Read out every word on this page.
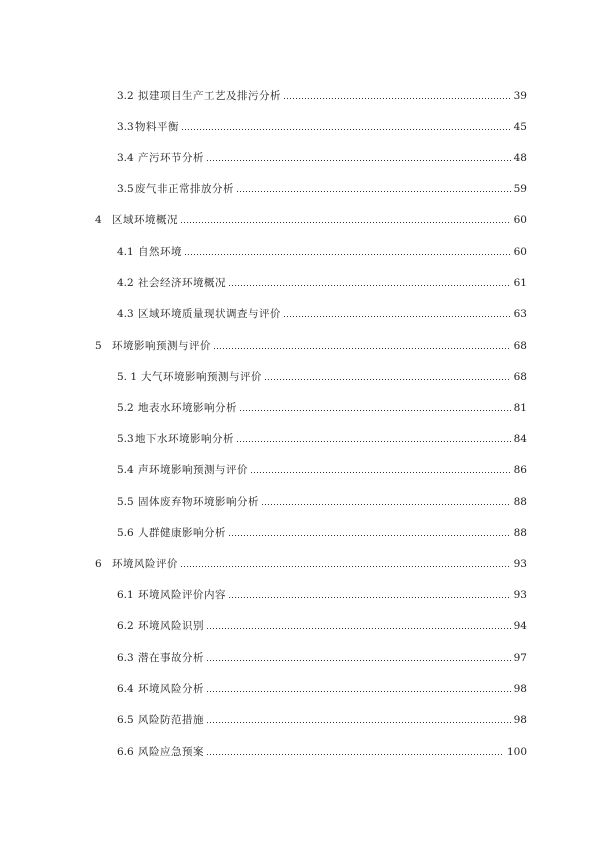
3.2 拟建项目生产工艺及排污分析	39
3.3 物料平衡	45
3.4 产污环节分析	48
3.5 废气非正常排放分析	59
4 区域环境概况	60
4.1 自然环境	60
4.2 社会经济环境概况	61
4.3 区域环境质量现状调查与评价	63
5 环境影响预测与评价	68
5. 1 大气环境影响预测与评价	68
5.2 地表水环境影响分析	81
5.3 地下水环境影响分析	84
5.4 声环境影响预测与评价	86
5.5 固体废弃物环境影响分析	88
5.6 人群健康影响分析	88
6 环境风险评价	93
6.1 环境风险评价内容	93
6.2 环境风险识别	94
6.3 潜在事故分析	97
6.4 环境风险分析	98
6.5 风险防范措施	98
6.6 风险应急预案	100
